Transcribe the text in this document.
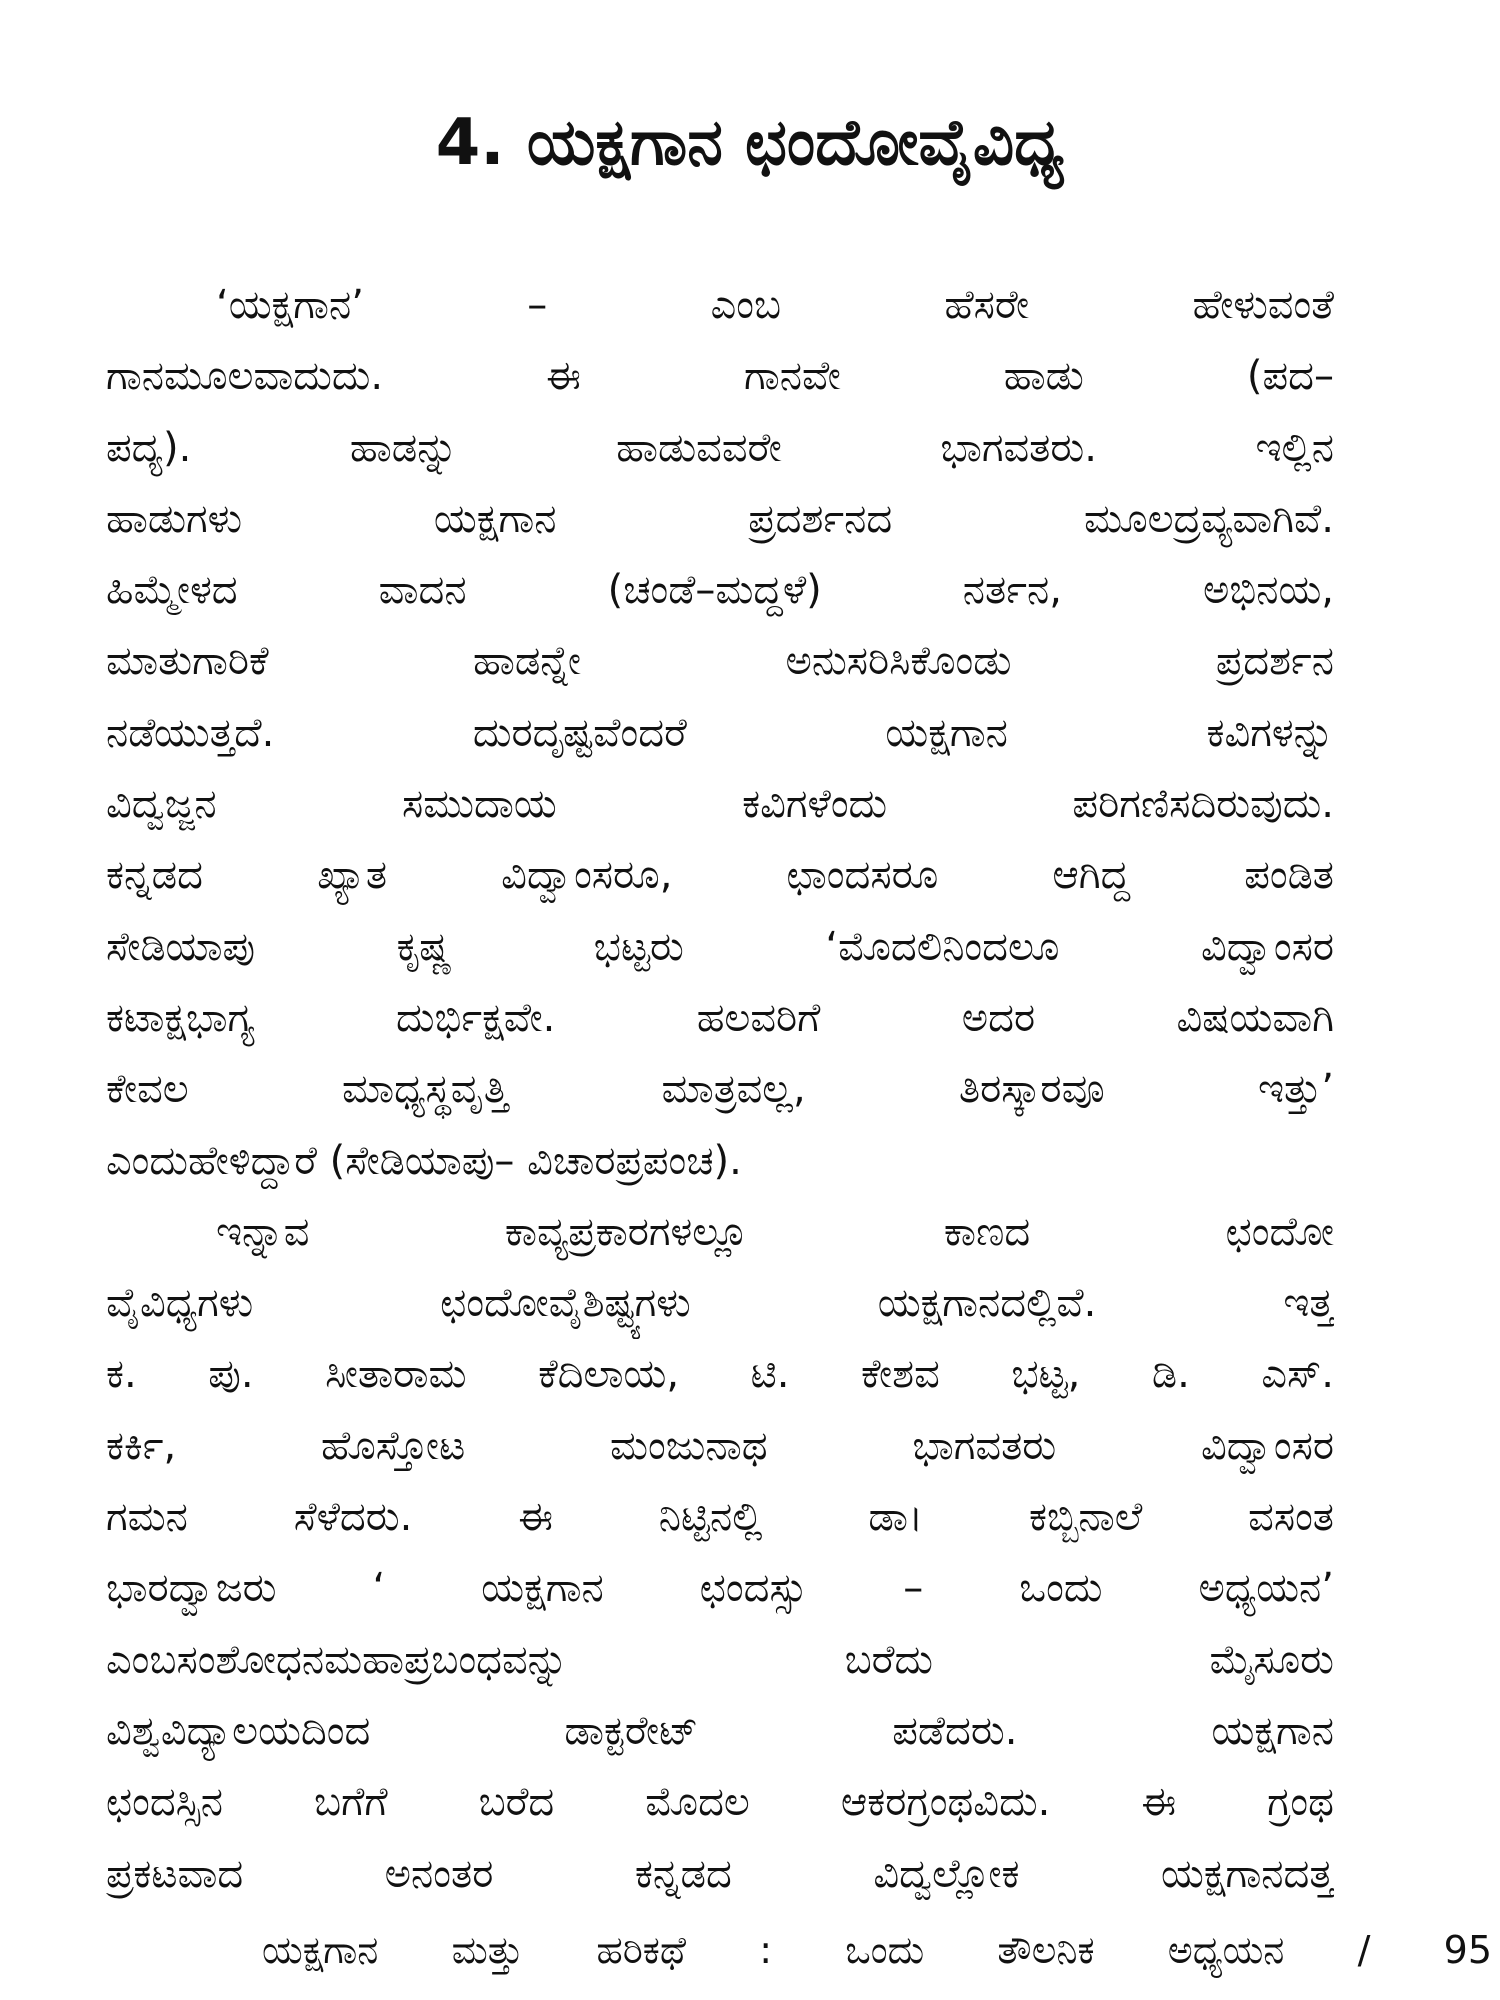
4. ಯಕ್ಷಗಾನ ಛಂದೋವೈವಿಧ್ಯ
‘ಯಕ್ಷಗಾನ’ – ಎಂಬ ಹೆಸರೇ ಹೇಳುವಂತೆ
ಗಾನಮೂಲವಾದುದು. ಈ ಗಾನವೇ ಹಾಡು (ಪದ–
ಪದ್ಯ). ಹಾಡನ್ನು ಹಾಡುವವರೇ ಭಾಗವತರು. ಇಲ್ಲಿನ
ಹಾಡುಗಳು ಯಕ್ಷಗಾನ ಪ್ರದರ್ಶನದ ಮೂಲದ್ರವ್ಯವಾಗಿವೆ.
ಹಿಮ್ಮೇಳದ ವಾದನ (ಚಂಡೆ–ಮದ್ದಳೆ) ನರ್ತನ, ಅಭಿನಯ,
ಮಾತುಗಾರಿಕೆ ಹಾಡನ್ನೇ ಅನುಸರಿಸಿಕೊಂಡು ಪ್ರದರ್ಶನ
ನಡೆಯುತ್ತದೆ. ದುರದೃಷ್ಟವೆಂದರೆ ಯಕ್ಷಗಾನ ಕವಿಗಳನ್ನು
ವಿದ್ವಜ್ಜನ ಸಮುದಾಯ ಕವಿಗಳೆಂದು ಪರಿಗಣಿಸದಿರುವುದು.
ಕನ್ನಡದ ಖ್ಯಾತ ವಿದ್ವಾಂಸರೂ, ಛಾಂದಸರೂ ಆಗಿದ್ದ ಪಂಡಿತ
ಸೇಡಿಯಾಪು ಕೃಷ್ಣ ಭಟ್ಟರು ‘ಮೊದಲಿನಿಂದಲೂ ವಿದ್ವಾಂಸರ
ಕಟಾಕ್ಷಭಾಗ್ಯ ದುರ್ಭಿಕ್ಷವೇ. ಹಲವರಿಗೆ ಅದರ ವಿಷಯವಾಗಿ
ಕೇವಲ ಮಾಧ್ಯಸ್ಥವೃತ್ತಿ ಮಾತ್ರವಲ್ಲ, ತಿರಸ್ಕಾರವೂ ಇತ್ತು’
ಎಂದುಹೇಳಿದ್ದಾರೆ (ಸೇಡಿಯಾಪು– ವಿಚಾರಪ್ರಪಂಚ).
ಇನ್ನಾವ ಕಾವ್ಯಪ್ರಕಾರಗಳಲ್ಲೂ ಕಾಣದ ಛಂದೋ
ವೈವಿಧ್ಯಗಳು ಛಂದೋವೈಶಿಷ್ಟ್ಯಗಳು ಯಕ್ಷಗಾನದಲ್ಲಿವೆ. ಇತ್ತ
ಕ. ಪು. ಸೀತಾರಾಮ ಕೆದಿಲಾಯ, ಟಿ. ಕೇಶವ ಭಟ್ಟ, ಡಿ. ಎಸ್.
ಕರ್ಕಿ, ಹೊಸ್ತೋಟ ಮಂಜುನಾಥ ಭಾಗವತರು ವಿದ್ವಾಂಸರ
ಗಮನ ಸೆಳೆದರು. ಈ ನಿಟ್ಟಿನಲ್ಲಿ ಡಾ। ಕಬ್ಬಿನಾಲೆ ವಸಂತ
ಭಾರದ್ವಾಜರು ‘ ಯಕ್ಷಗಾನ ಛಂದಸ್ಸು – ಒಂದು ಅಧ್ಯಯನ’
ಎಂಬಸಂಶೋಧನಮಹಾಪ್ರಬಂಧವನ್ನು ಬರೆದು ಮೈಸೂರು
ವಿಶ್ವವಿದ್ಯಾಲಯದಿಂದ ಡಾಕ್ಟರೇಟ್ ಪಡೆದರು. ಯಕ್ಷಗಾನ
ಛಂದಸ್ಸಿನ ಬಗೆಗೆ ಬರೆದ ಮೊದಲ ಆಕರಗ್ರಂಥವಿದು. ಈ ಗ್ರಂಥ
ಪ್ರಕಟವಾದ ಅನಂತರ ಕನ್ನಡದ ವಿದ್ವಲ್ಲೋಕ ಯಕ್ಷಗಾನದತ್ತ
ಯಕ್ಷಗಾನ ಮತ್ತು ಹರಿಕಥೆ : ಒಂದು ತೌಲನಿಕ ಅಧ್ಯಯನ / 95
